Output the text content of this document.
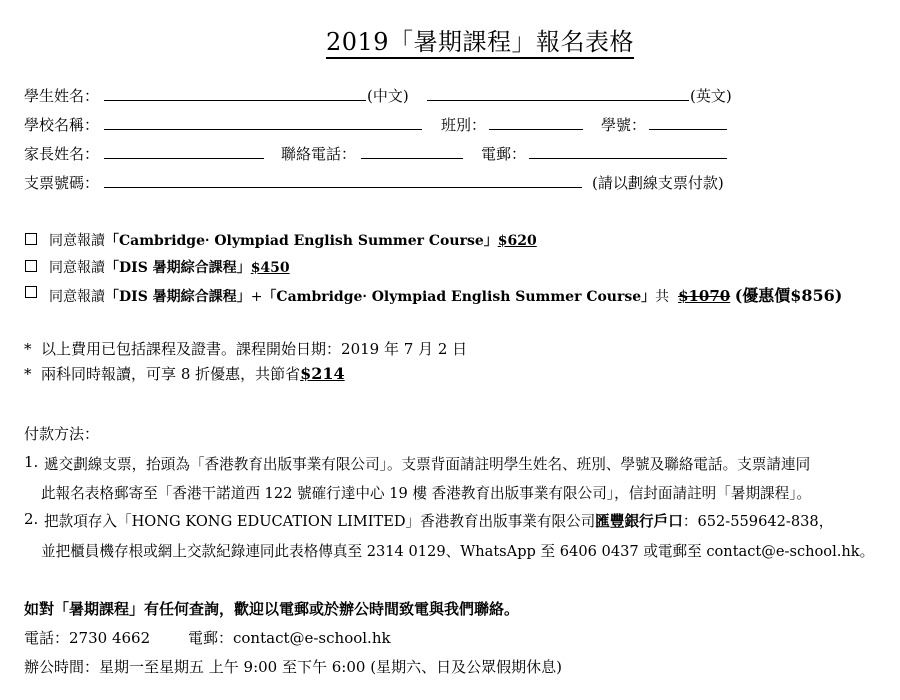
2019「暑期課程」報名表格
學生姓名：	(中文)	(英文)
學校名稱：	班別：	學號：
家長姓名：	聯絡電話：	電郵：
支票號碼：	(請以劃線支票付款)
同意報讀「Cambridge‧ Olympiad English Summer Course」$620
同意報讀「DIS 暑期綜合課程」$450
同意報讀「DIS 暑期綜合課程」+「Cambridge‧ Olympiad English Summer Course」共 $1070 (優惠價$856)
* 以上費用已包括課程及證書。課程開始日期：2019 年 7 月 2 日
* 兩科同時報讀，可享 8 折優惠，共節省$214
付款方法：
1. 遞交劃線支票，抬頭為「香港教育出版事業有限公司」。支票背面請註明學生姓名、班別、學號及聯絡電話。支票請連同
此報名表格郵寄至「香港干諾道西 122 號確行達中心 19 樓 香港教育出版事業有限公司」，信封面請註明「暑期課程」。
2. 把款項存入「HONG KONG EDUCATION LIMITED」香港教育出版事業有限公司匯豐銀行戶口：652-559642-838，
並把櫃員機存根或網上交款紀錄連同此表格傳真至 2314 0129、WhatsApp 至 6406 0437 或電郵至 contact@e-school.hk。
如對「暑期課程」有任何查詢，歡迎以電郵或於辦公時間致電與我們聯絡。
電話：2730 4662	電郵：contact@e-school.hk
辦公時間：星期一至星期五 上午 9:00 至下午 6:00 (星期六、日及公眾假期休息)
